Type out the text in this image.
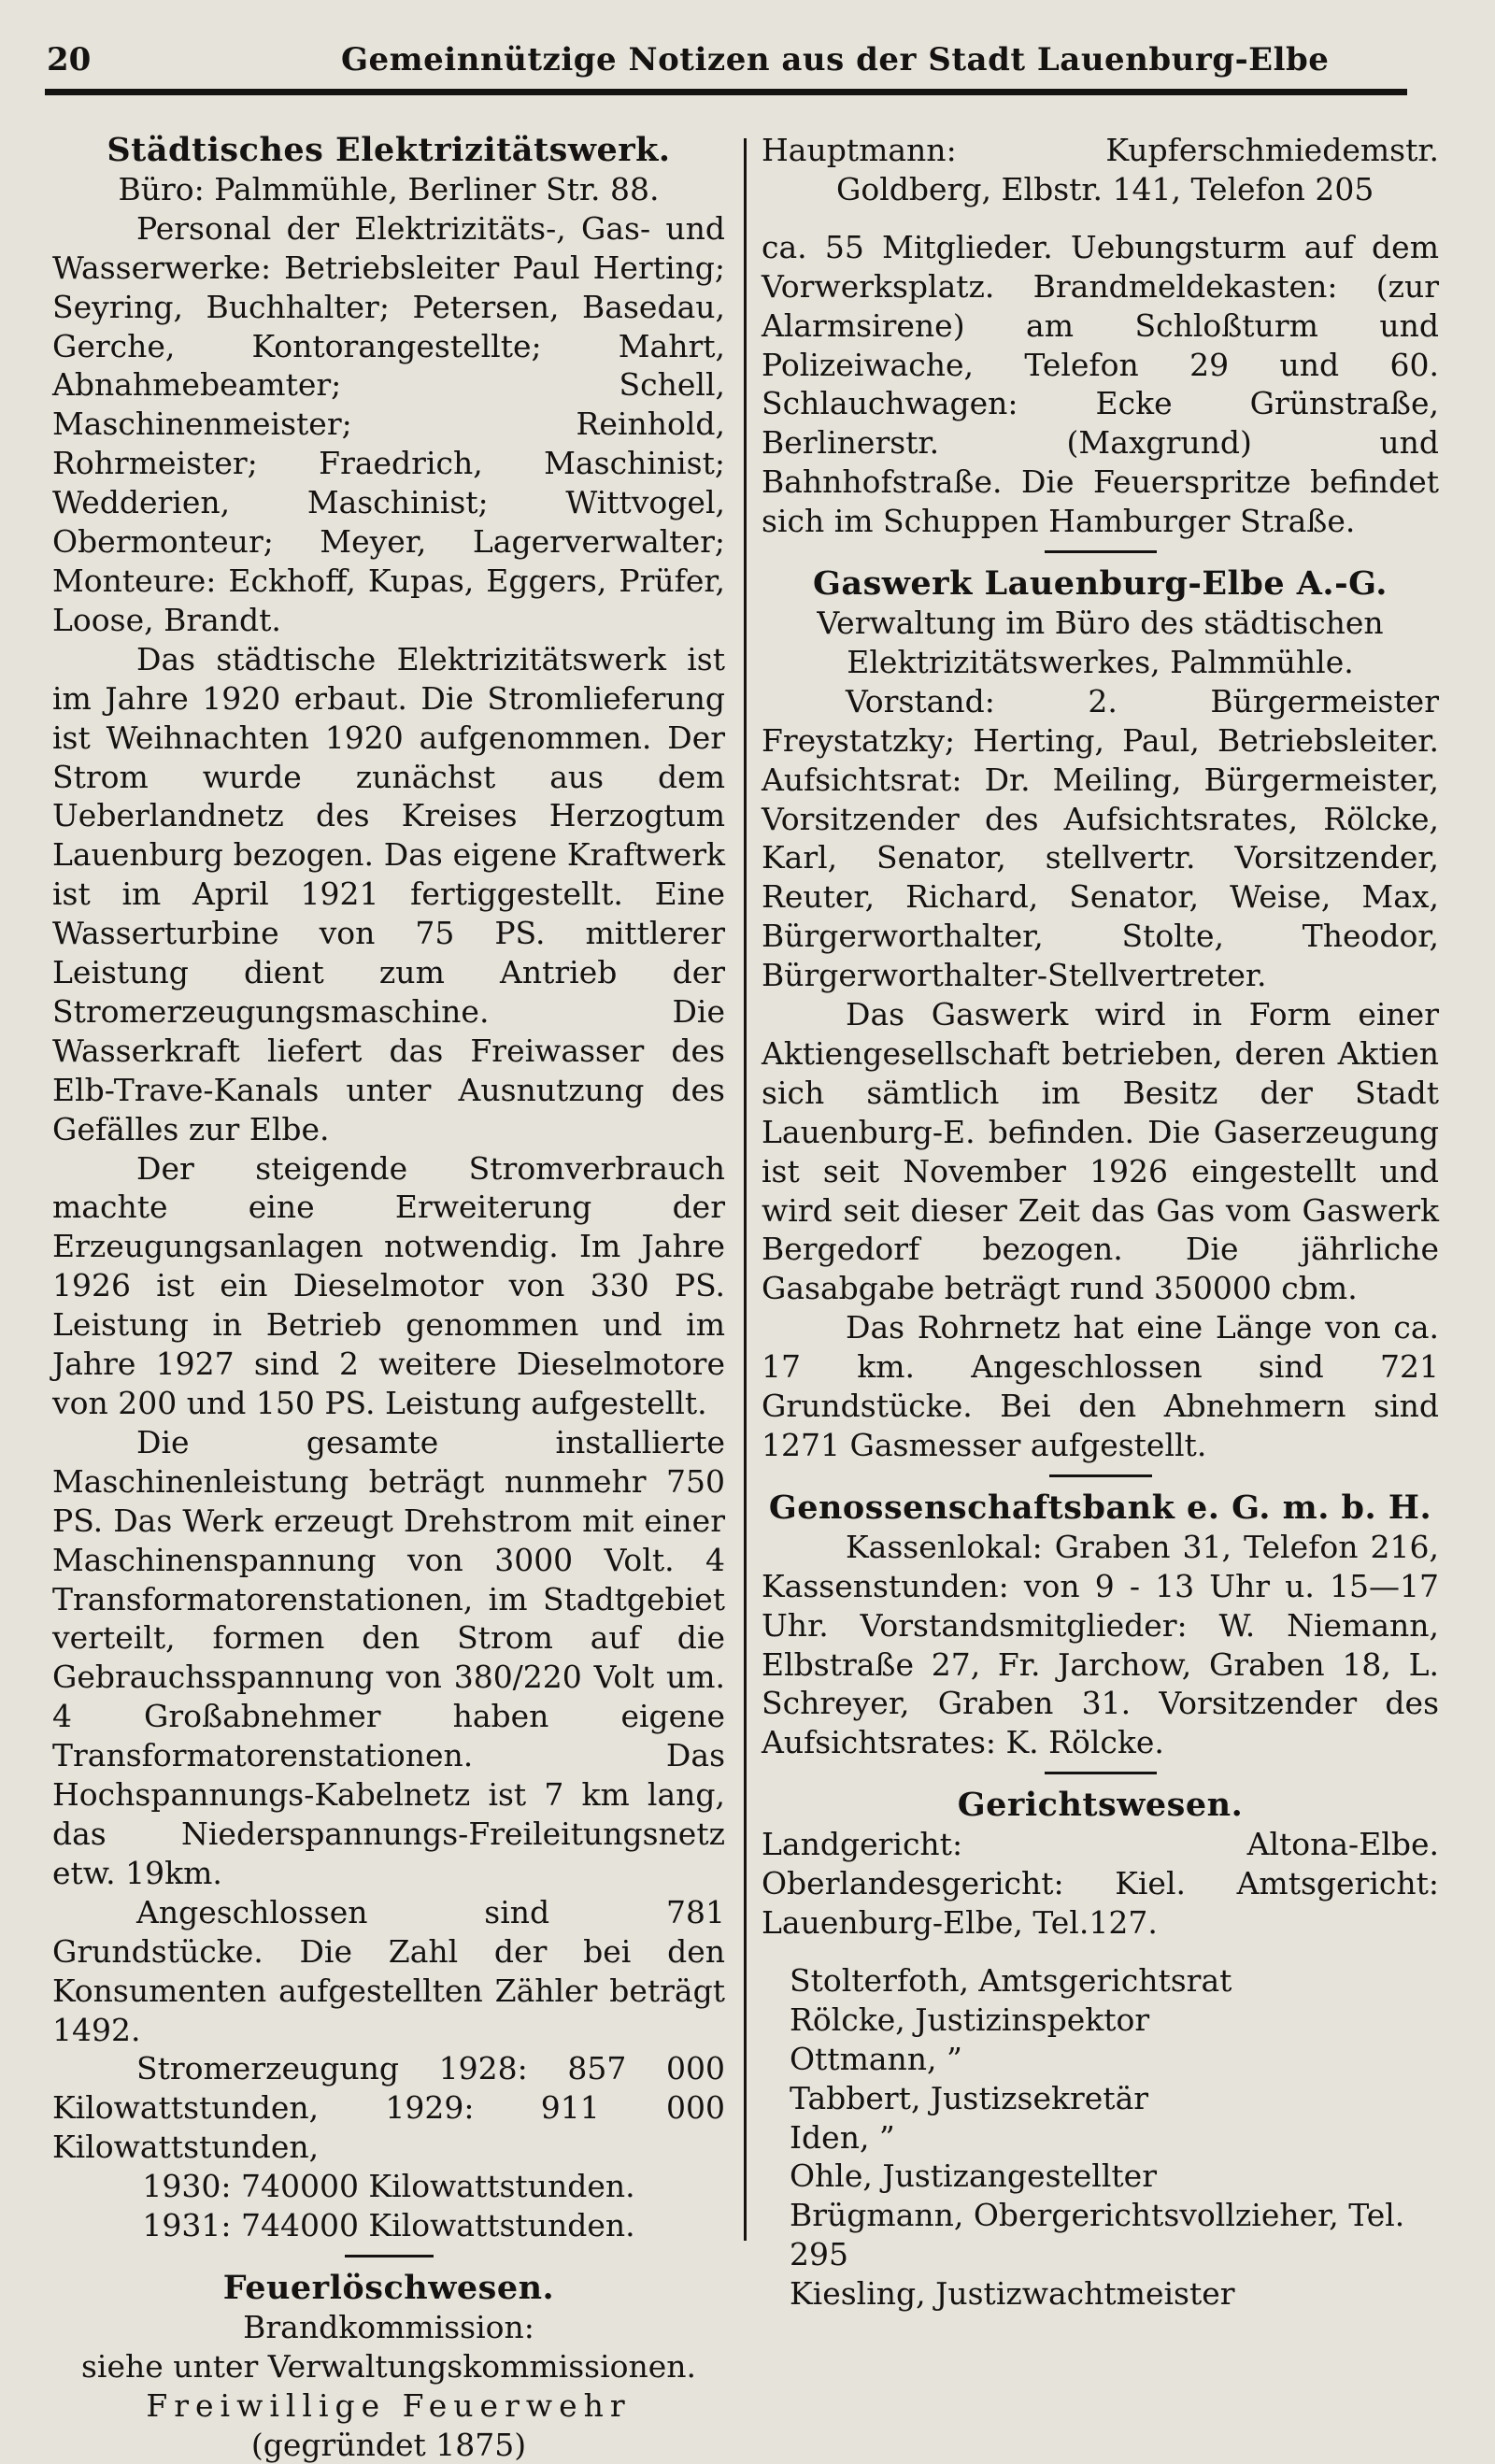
20	Gemeinnützige Notizen aus der Stadt Lauenburg-Elbe

Städtisches Elektrizitätswerk.

Büro: Palmmühle, Berliner Str. 88.

Personal der Elektrizitäts-, Gas- und Wasserwerke: Betriebsleiter Paul Herting; Seyring, Buchhalter; Petersen, Basedau, Gerche, Kontorangestellte; Mahrt, Abnahmebeamter; Schell, Maschinenmeister; Reinhold, Rohrmeister; Fraedrich, Maschinist; Wedderien, Maschinist; Wittvogel, Obermonteur; Meyer, Lagerverwalter; Monteure: Eckhoff, Kupas, Eggers, Prüfer, Loose, Brandt.

Das städtische Elektrizitätswerk ist im Jahre 1920 erbaut. Die Stromlieferung ist Weihnachten 1920 aufgenommen. Der Strom wurde zunächst aus dem Ueberlandnetz des Kreises Herzogtum Lauenburg bezogen. Das eigene Kraftwerk ist im April 1921 fertiggestellt. Eine Wasserturbine von 75 PS. mittlerer Leistung dient zum Antrieb der Stromerzeugungsmaschine. Die Wasserkraft liefert das Freiwasser des Elb-Trave-Kanals unter Ausnutzung des Gefälles zur Elbe.

Der steigende Stromverbrauch machte eine Erweiterung der Erzeugungsanlagen notwendig. Im Jahre 1926 ist ein Dieselmotor von 330 PS. Leistung in Betrieb genommen und im Jahre 1927 sind 2 weitere Dieselmotore von 200 und 150 PS. Leistung aufgestellt.

Die gesamte installierte Maschinenleistung beträgt nunmehr 750 PS. Das Werk erzeugt Drehstrom mit einer Maschinenspannung von 3000 Volt. 4 Transformatorenstationen, im Stadtgebiet verteilt, formen den Strom auf die Gebrauchsspannung von 380/220 Volt um. 4 Großabnehmer haben eigene Transformatorenstationen. Das Hochspannungs-Kabelnetz ist 7 km lang, das Niederspannungs-Freileitungsnetz etw. 19km.

Angeschlossen sind 781 Grundstücke. Die Zahl der bei den Konsumenten aufgestellten Zähler beträgt 1492.

Stromerzeugung 1928: 857 000 Kilowattstunden, 1929: 911 000 Kilowattstunden,

1930: 740000 Kilowattstunden.

1931: 744000 Kilowattstunden.

Feuerlöschwesen.

Brandkommission:

siehe unter Verwaltungskommissionen.

Freiwillige Feuerwehr

(gegründet 1875)

Hauptmann: Kupferschmiedemstr. Goldberg, Elbstr. 141, Telefon 205

ca. 55 Mitglieder. Uebungsturm auf dem Vorwerksplatz. Brandmeldekasten: (zur Alarmsirene) am Schloßturm und Polizeiwache, Telefon 29 und 60. Schlauchwagen: Ecke Grünstraße, Berlinerstr. (Maxgrund) und Bahnhofstraße. Die Feuerspritze befindet sich im Schuppen Hamburger Straße.

Gaswerk Lauenburg-Elbe A.-G.

Verwaltung im Büro des städtischen Elektrizitätswerkes, Palmmühle.

Vorstand: 2. Bürgermeister Freystatzky; Herting, Paul, Betriebsleiter. Aufsichtsrat: Dr. Meiling, Bürgermeister, Vorsitzender des Aufsichtsrates, Rölcke, Karl, Senator, stellvertr. Vorsitzender, Reuter, Richard, Senator, Weise, Max, Bürgerworthalter, Stolte, Theodor, Bürgerworthalter-Stellvertreter.

Das Gaswerk wird in Form einer Aktiengesellschaft betrieben, deren Aktien sich sämtlich im Besitz der Stadt Lauenburg-E. befinden. Die Gaserzeugung ist seit November 1926 eingestellt und wird seit dieser Zeit das Gas vom Gaswerk Bergedorf bezogen. Die jährliche Gasabgabe beträgt rund 350000 cbm.

Das Rohrnetz hat eine Länge von ca. 17 km. Angeschlossen sind 721 Grundstücke. Bei den Abnehmern sind 1271 Gasmesser aufgestellt.

Genossenschaftsbank e. G. m. b. H.

Kassenlokal: Graben 31, Telefon 216, Kassenstunden: von 9 - 13 Uhr u. 15—17 Uhr. Vorstandsmitglieder: W. Niemann, Elbstraße 27, Fr. Jarchow, Graben 18, L. Schreyer, Graben 31. Vorsitzender des Aufsichtsrates: K. Rölcke.

Gerichtswesen.

Landgericht: Altona-Elbe. Oberlandesgericht: Kiel. Amtsgericht: Lauenburg-Elbe, Tel.127.

Stolterfoth, Amtsgerichtsrat
Rölcke, Justizinspektor
Ottmann, ”
Tabbert, Justizsekretär
Iden, ”
Ohle, Justizangestellter
Brügmann, Obergerichtsvollzieher, Tel. 295
Kiesling, Justizwachtmeister
